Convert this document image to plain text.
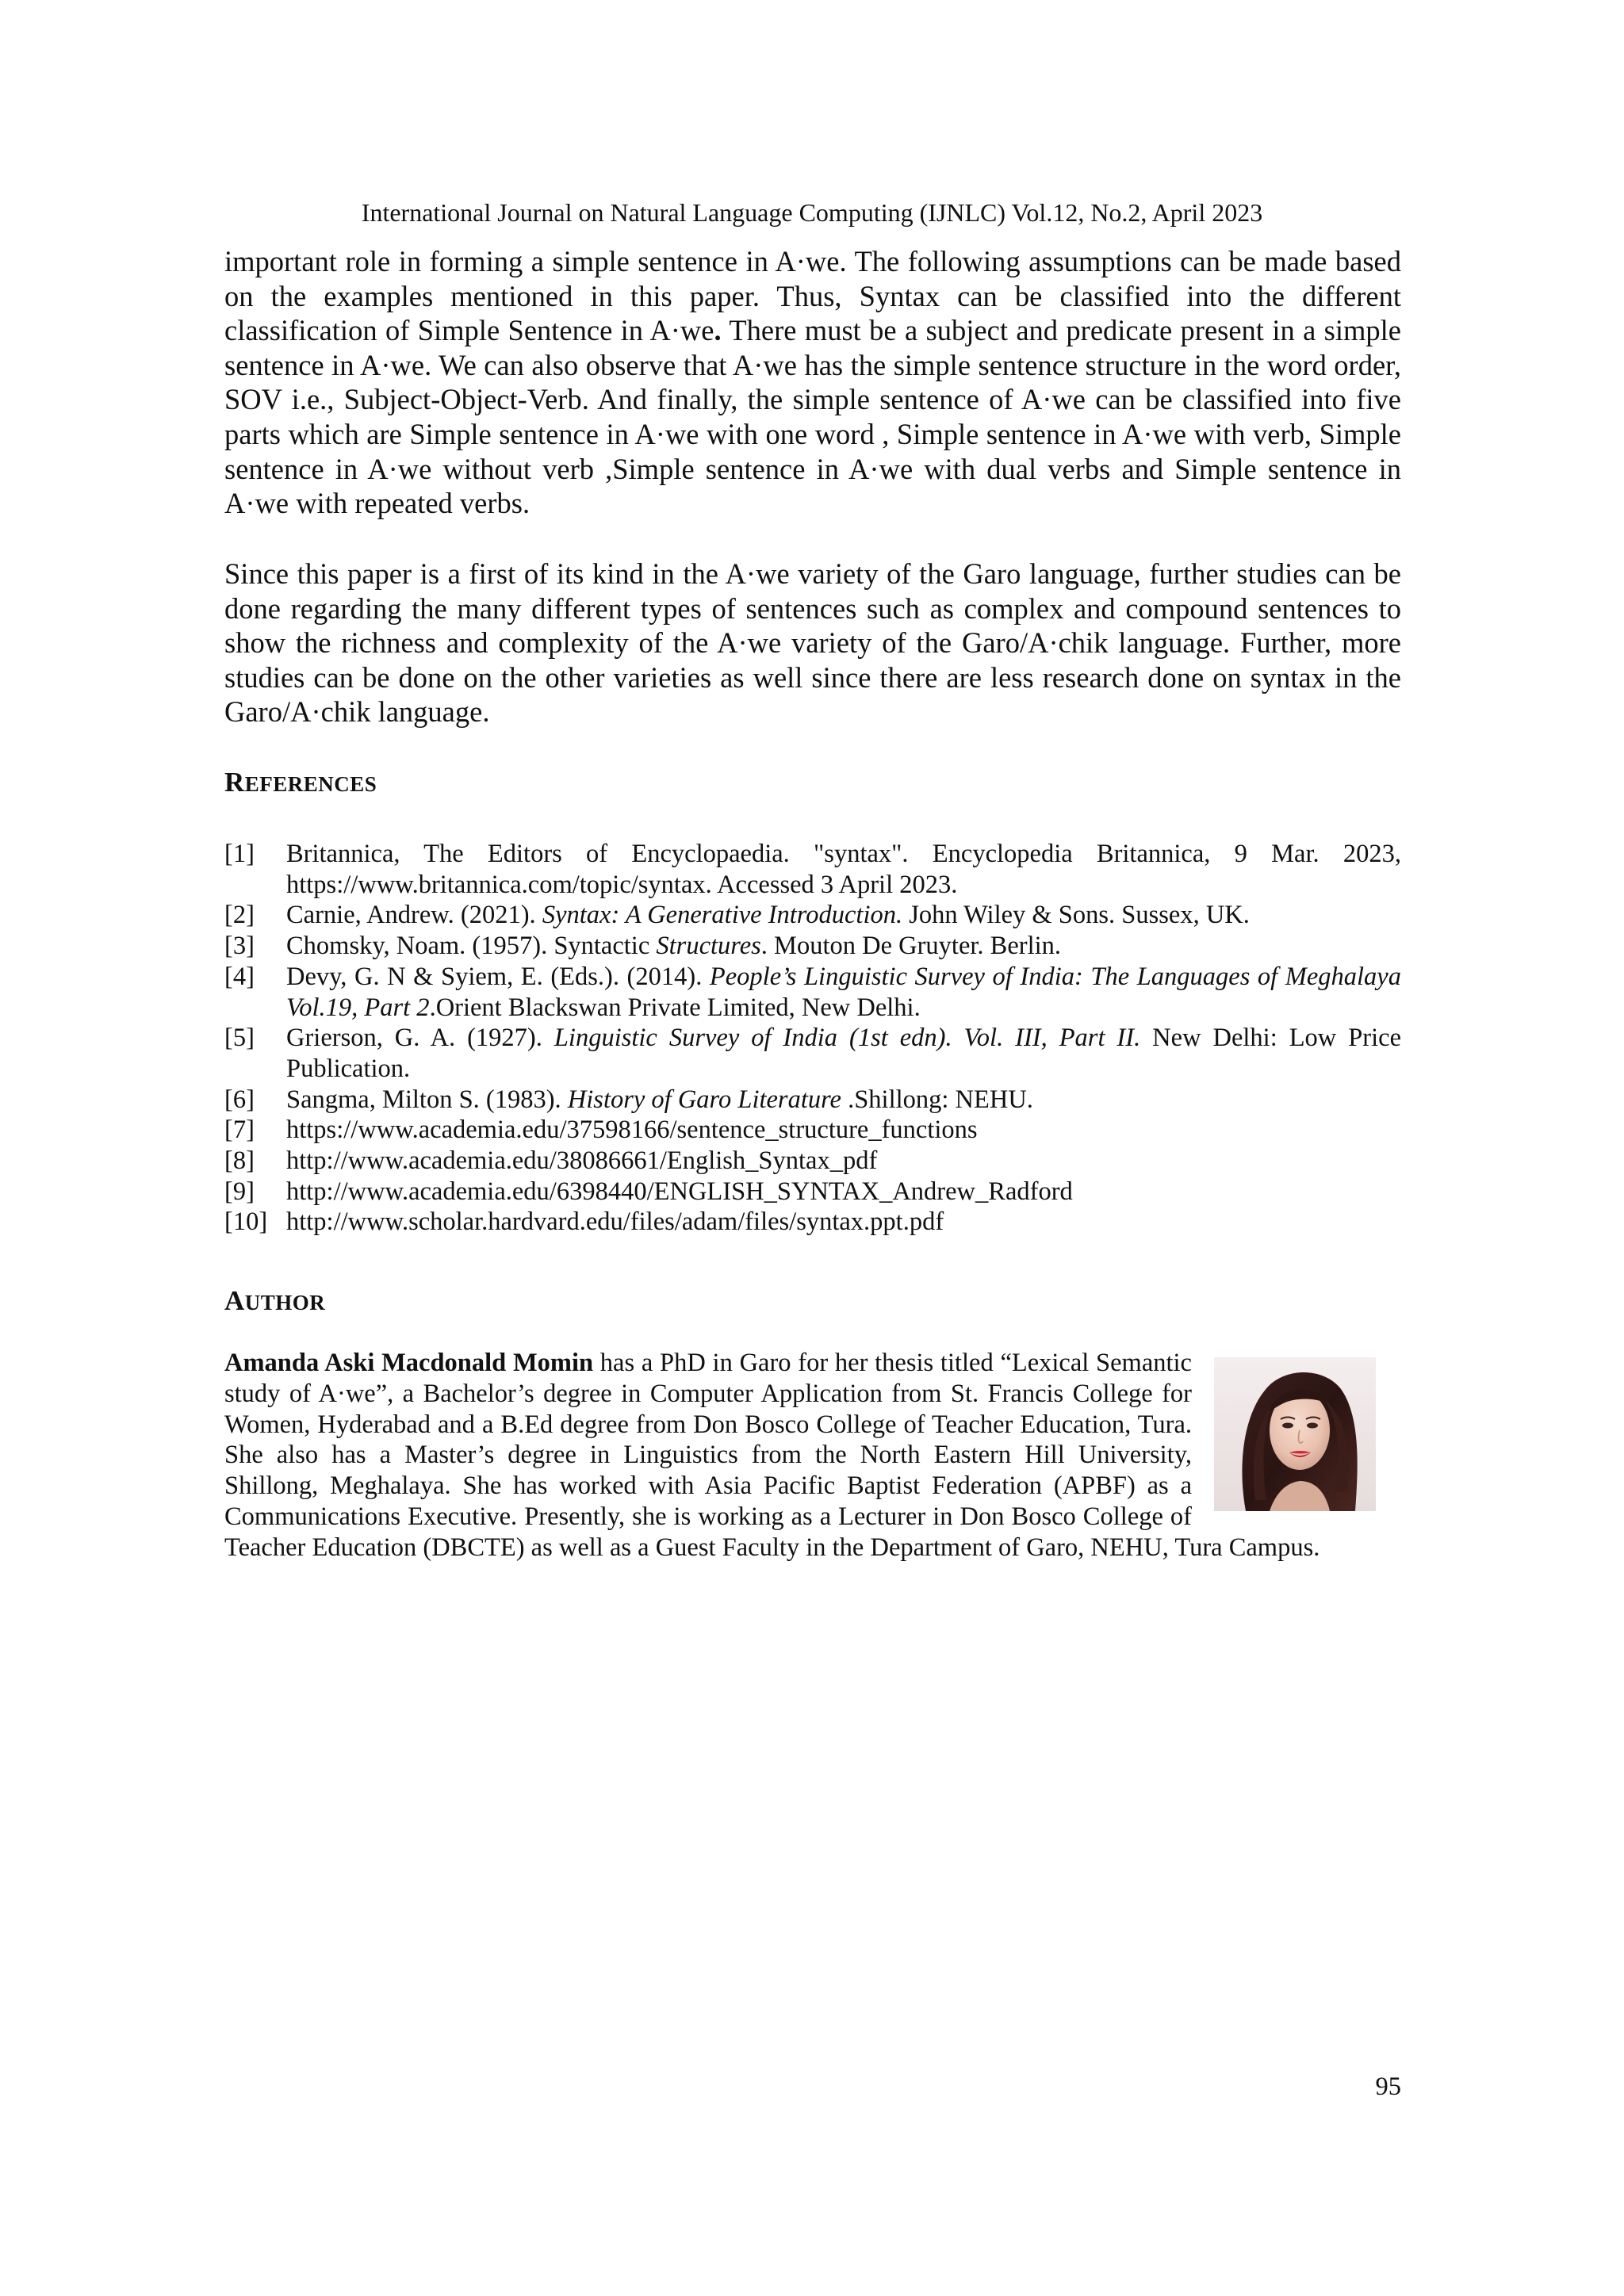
International Journal on Natural Language Computing (IJNLC) Vol.12, No.2, April 2023

important role in forming a simple sentence in A·we. The following assumptions can be made based on the examples mentioned in this paper. Thus, Syntax can be classified into the different classification of Simple Sentence in A·we. There must be a subject and predicate present in a simple sentence in A·we. We can also observe that A·we has the simple sentence structure in the word order, SOV i.e., Subject-Object-Verb. And finally, the simple sentence of A·we can be classified into five parts which are Simple sentence in A·we with one word , Simple sentence in A·we with verb, Simple sentence in A·we without verb ,Simple sentence in A·we with dual verbs and Simple sentence in A·we with repeated verbs.

Since this paper is a first of its kind in the A·we variety of the Garo language, further studies can be done regarding the many different types of sentences such as complex and compound sentences to show the richness and complexity of the A·we variety of the Garo/A·chik language. Further, more studies can be done on the other varieties as well since there are less research done on syntax in the Garo/A·chik language.

REFERENCES
[1]	Britannica, The Editors of Encyclopaedia. "syntax". Encyclopedia Britannica, 9 Mar. 2023, https://www.britannica.com/topic/syntax. Accessed 3 April 2023.
[2]	Carnie, Andrew. (2021). Syntax: A Generative Introduction. John Wiley & Sons. Sussex, UK.
[3]	Chomsky, Noam. (1957). Syntactic Structures. Mouton De Gruyter. Berlin.
[4]	Devy, G. N & Syiem, E. (Eds.). (2014). People’s Linguistic Survey of India: The Languages of Meghalaya Vol.19, Part 2.Orient Blackswan Private Limited, New Delhi.
[5]	Grierson, G. A. (1927). Linguistic Survey of India (1st edn). Vol. III, Part II. New Delhi: Low Price Publication.
[6]	Sangma, Milton S. (1983). History of Garo Literature .Shillong: NEHU.
[7]	https://www.academia.edu/37598166/sentence_structure_functions
[8]	http://www.academia.edu/38086661/English_Syntax_pdf
[9]	http://www.academia.edu/6398440/ENGLISH_SYNTAX_Andrew_Radford
[10] http://www.scholar.hardvard.edu/files/adam/files/syntax.ppt.pdf
AUTHOR

Amanda Aski Macdonald Momin has a PhD in Garo for her thesis titled “Lexical Semantic study of A·we”, a Bachelor’s degree in Computer Application from St. Francis College for Women, Hyderabad and a B.Ed degree from Don Bosco College of Teacher Education, Tura. She also has a Master’s degree in Linguistics from the North Eastern Hill University, Shillong, Meghalaya. She has worked with Asia Pacific Baptist Federation (APBF) as a Communications Executive. Presently, she is working as a Lecturer in Don Bosco College of Teacher Education (DBCTE) as well as a Guest Faculty in the Department of Garo, NEHU, Tura Campus.

95
